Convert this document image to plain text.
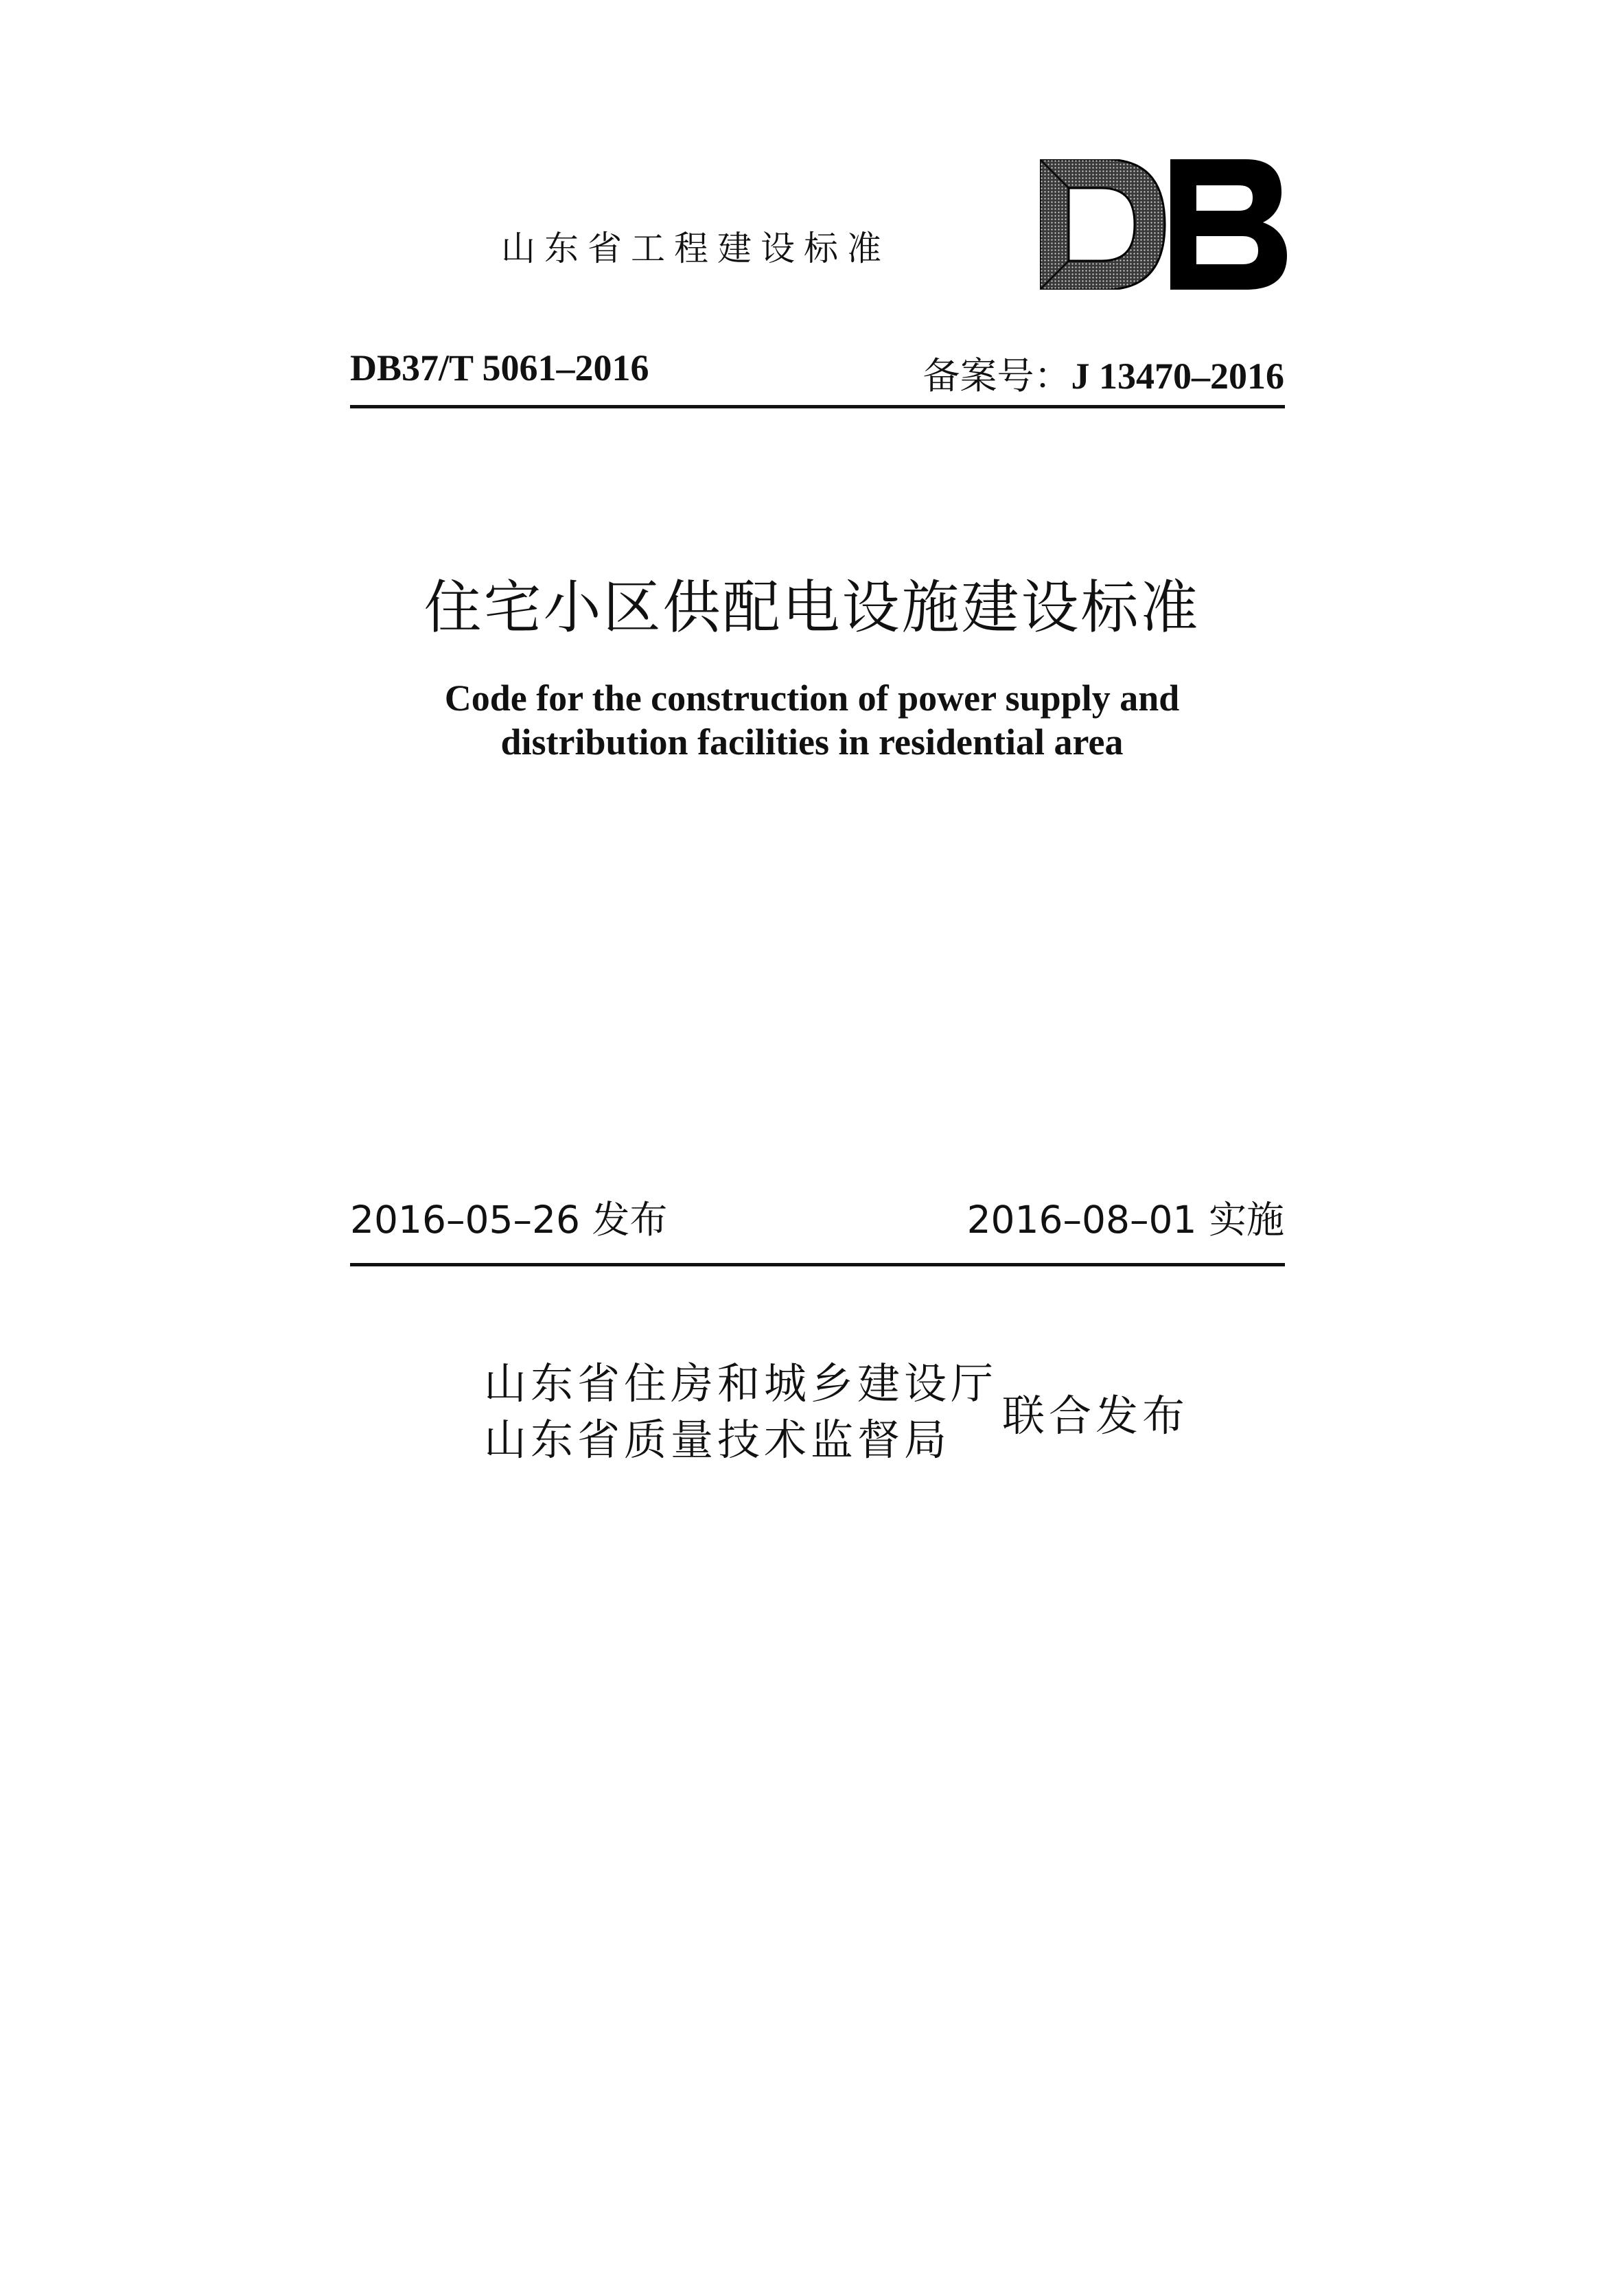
山东省工程建设标准
DB37/T 5061–2016	备案号：J 13470–2016
住宅小区供配电设施建设标准
Code for the construction of power supply and
distribution facilities in residential area
2016–05–26 发布	2016–08–01 实施
山东省住房和城乡建设厅
山东省质量技术监督局	联合发布
